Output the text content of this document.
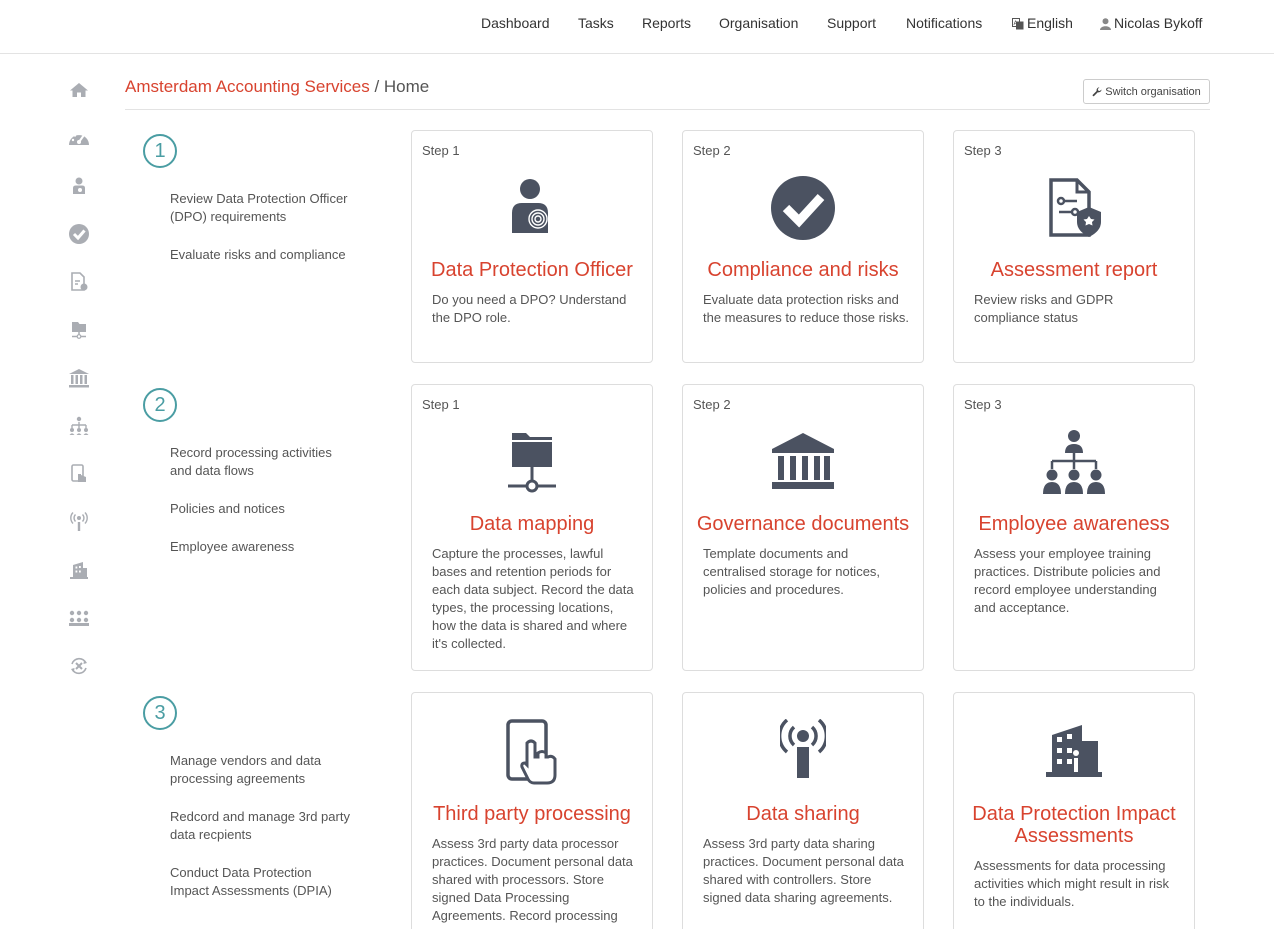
Dashboard Tasks Reports Organisation Support Notifications	A English	Nicolas Bykoff
Amsterdam Accounting Services / Home	Switch organisation
1
Review Data Protection Officer (DPO) requirements
Evaluate risks and compliance
Step 1
Data Protection Officer
Do you need a DPO? Understand the DPO role.
Step 2
Compliance and risks
Evaluate data protection risks and the measures to reduce those risks.
Step 3
Assessment report
Review risks and GDPR compliance status
2
Record processing activities and data flows
Policies and notices
Employee awareness
Step 1
Data mapping
Capture the processes, lawful bases and retention periods for each data subject. Record the data types, the processing locations, how the data is shared and where it's collected.
Step 2
Governance documents
Template documents and centralised storage for notices, policies and procedures.
Step 3
Employee awareness
Assess your employee training practices. Distribute policies and record employee understanding and acceptance.
3
Manage vendors and data processing agreements
Redcord and manage 3rd party data recpients
Conduct Data Protection Impact Assessments (DPIA)
Third party processing
Assess 3rd party data processor practices. Document personal data shared with processors. Store signed Data Processing Agreements. Record processing
Data sharing
Assess 3rd party data sharing practices. Document personal data shared with controllers. Store signed data sharing agreements.
Data Protection Impact Assessments
Assessments for data processing activities which might result in risk to the individuals.
